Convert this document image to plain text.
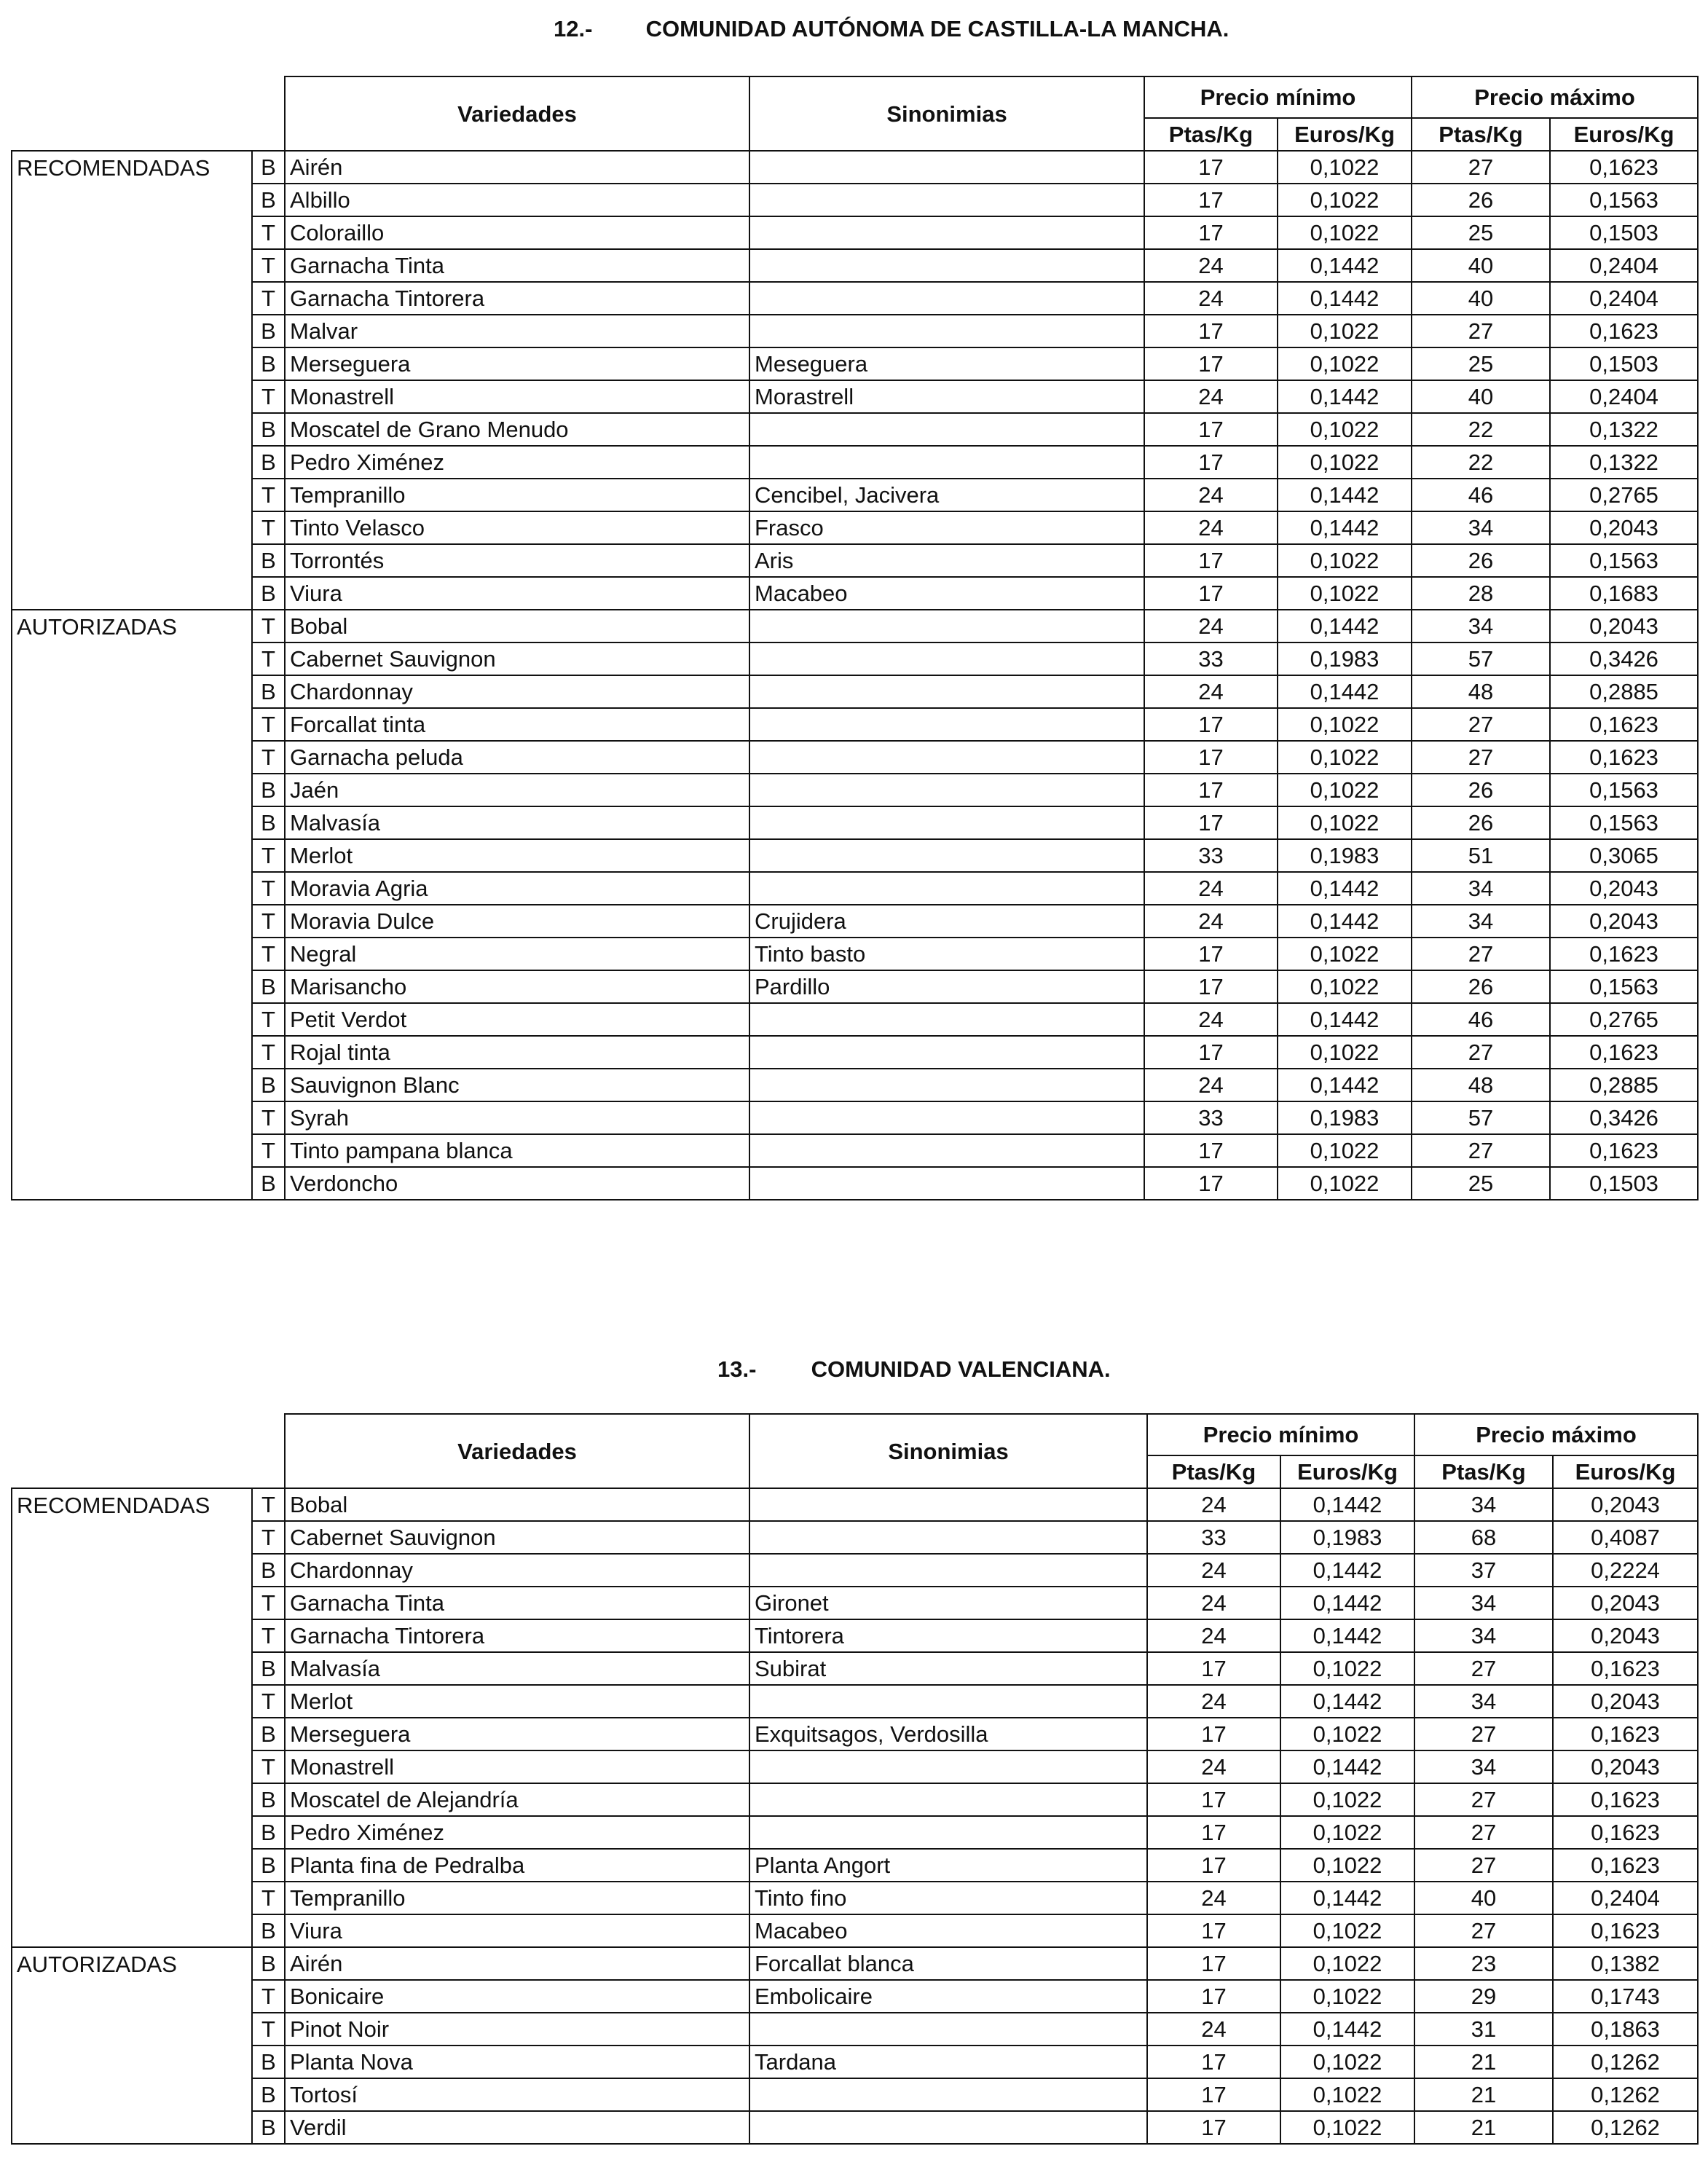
12.- COMUNIDAD AUTÓNOMA DE CASTILLA-LA MANCHA.
		Variedades	Sinonimias	Precio mínimo		Precio máximo	
				Ptas/Kg	Euros/Kg	Ptas/Kg	Euros/Kg
RECOMENDADAS	B	Airén		17	0,1022	27	0,1623
	B	Albillo		17	0,1022	26	0,1563
	T	Coloraillo		17	0,1022	25	0,1503
	T	Garnacha Tinta		24	0,1442	40	0,2404
	T	Garnacha Tintorera		24	0,1442	40	0,2404
	B	Malvar		17	0,1022	27	0,1623
	B	Merseguera	Meseguera	17	0,1022	25	0,1503
	T	Monastrell	Morastrell	24	0,1442	40	0,2404
	B	Moscatel de Grano Menudo		17	0,1022	22	0,1322
	B	Pedro Ximénez		17	0,1022	22	0,1322
	T	Tempranillo	Cencibel, Jacivera	24	0,1442	46	0,2765
	T	Tinto Velasco	Frasco	24	0,1442	34	0,2043
	B	Torrontés	Aris	17	0,1022	26	0,1563
	B	Viura	Macabeo	17	0,1022	28	0,1683
AUTORIZADAS	T	Bobal		24	0,1442	34	0,2043
	T	Cabernet Sauvignon		33	0,1983	57	0,3426
	B	Chardonnay		24	0,1442	48	0,2885
	T	Forcallat tinta		17	0,1022	27	0,1623
	T	Garnacha peluda		17	0,1022	27	0,1623
	B	Jaén		17	0,1022	26	0,1563
	B	Malvasía		17	0,1022	26	0,1563
	T	Merlot		33	0,1983	51	0,3065
	T	Moravia Agria		24	0,1442	34	0,2043
	T	Moravia Dulce	Crujidera	24	0,1442	34	0,2043
	T	Negral	Tinto basto	17	0,1022	27	0,1623
	B	Marisancho	Pardillo	17	0,1022	26	0,1563
	T	Petit Verdot		24	0,1442	46	0,2765
	T	Rojal tinta		17	0,1022	27	0,1623
	B	Sauvignon Blanc		24	0,1442	48	0,2885
	T	Syrah		33	0,1983	57	0,3426
	T	Tinto pampana blanca		17	0,1022	27	0,1623
	B	Verdoncho		17	0,1022	25	0,1503
13.- COMUNIDAD VALENCIANA.
		Variedades	Sinonimias	Precio mínimo		Precio máximo	
				Ptas/Kg	Euros/Kg	Ptas/Kg	Euros/Kg
RECOMENDADAS	T	Bobal		24	0,1442	34	0,2043
	T	Cabernet Sauvignon		33	0,1983	68	0,4087
	B	Chardonnay		24	0,1442	37	0,2224
	T	Garnacha Tinta	Gironet	24	0,1442	34	0,2043
	T	Garnacha Tintorera	Tintorera	24	0,1442	34	0,2043
	B	Malvasía	Subirat	17	0,1022	27	0,1623
	T	Merlot		24	0,1442	34	0,2043
	B	Merseguera	Exquitsagos, Verdosilla	17	0,1022	27	0,1623
	T	Monastrell		24	0,1442	34	0,2043
	B	Moscatel de Alejandría		17	0,1022	27	0,1623
	B	Pedro Ximénez		17	0,1022	27	0,1623
	B	Planta fina de Pedralba	Planta Angort	17	0,1022	27	0,1623
	T	Tempranillo	Tinto fino	24	0,1442	40	0,2404
	B	Viura	Macabeo	17	0,1022	27	0,1623
AUTORIZADAS	B	Airén	Forcallat blanca	17	0,1022	23	0,1382
	T	Bonicaire	Embolicaire	17	0,1022	29	0,1743
	T	Pinot Noir		24	0,1442	31	0,1863
	B	Planta Nova	Tardana	17	0,1022	21	0,1262
	B	Tortosí		17	0,1022	21	0,1262
	B	Verdil		17	0,1022	21	0,1262
